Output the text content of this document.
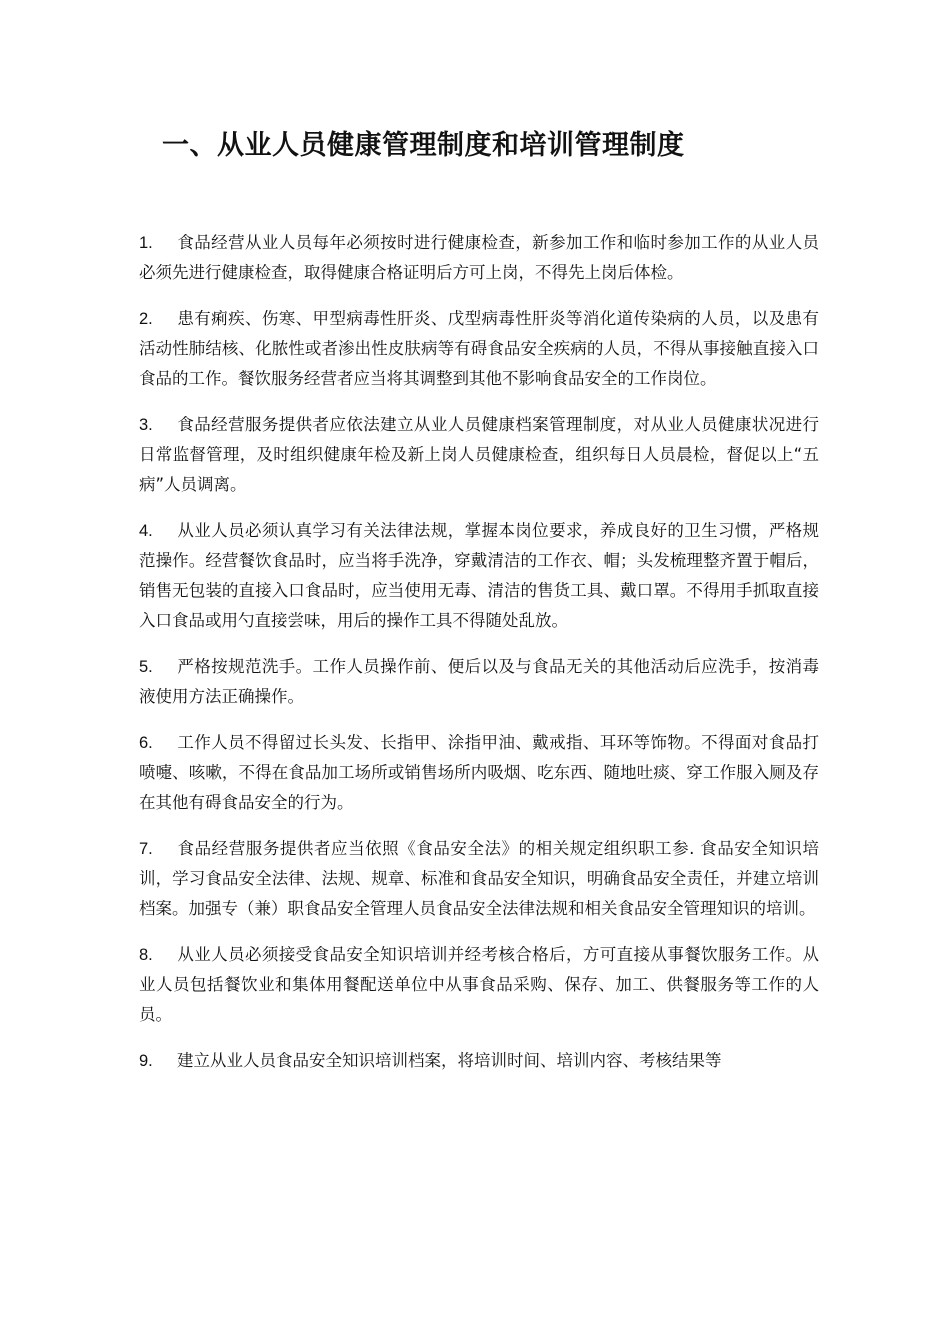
一、从业人员健康管理制度和培训管理制度

1. 食品经营从业人员每年必须按时进行健康检查，新参加工作和临时参加工作的从业人员必须先进行健康检查，取得健康合格证明后方可上岗，不得先上岗后体检。

2. 患有痢疾、伤寒、甲型病毒性肝炎、戊型病毒性肝炎等消化道传染病的人员，以及患有活动性肺结核、化脓性或者渗出性皮肤病等有碍食品安全疾病的人员，不得从事接触直接入口食品的工作。餐饮服务经营者应当将其调整到其他不影响食品安全的工作岗位。

3. 食品经营服务提供者应依法建立从业人员健康档案管理制度，对从业人员健康状况进行日常监督管理，及时组织健康年检及新上岗人员健康检查，组织每日人员晨检，督促以上“五病”人员调离。

4. 从业人员必须认真学习有关法律法规，掌握本岗位要求，养成良好的卫生习惯，严格规范操作。经营餐饮食品时，应当将手洗净，穿戴清洁的工作衣、帽；头发梳理整齐置于帽后，销售无包装的直接入口食品时，应当使用无毒、清洁的售货工具、戴口罩。不得用手抓取直接入口食品或用勺直接尝味，用后的操作工具不得随处乱放。

5. 严格按规范洗手。工作人员操作前、便后以及与食品无关的其他活动后应洗手，按消毒液使用方法正确操作。

6. 工作人员不得留过长头发、长指甲、涂指甲油、戴戒指、耳环等饰物。不得面对食品打喷嚏、咳嗽，不得在食品加工场所或销售场所内吸烟、吃东西、随地吐痰、穿工作服入厕及存在其他有碍食品安全的行为。

7. 食品经营服务提供者应当依照《食品安全法》的相关规定组织职工参. 食品安全知识培训，学习食品安全法律、法规、规章、标准和食品安全知识，明确食品安全责任，并建立培训档案。加强专（兼）职食品安全管理人员食品安全法律法规和相关食品安全管理知识的培训。

8. 从业人员必须接受食品安全知识培训并经考核合格后，方可直接从事餐饮服务工作。从业人员包括餐饮业和集体用餐配送单位中从事食品采购、保存、加工、供餐服务等工作的人员。

9. 建立从业人员食品安全知识培训档案，将培训时间、培训内容、考核结果等
